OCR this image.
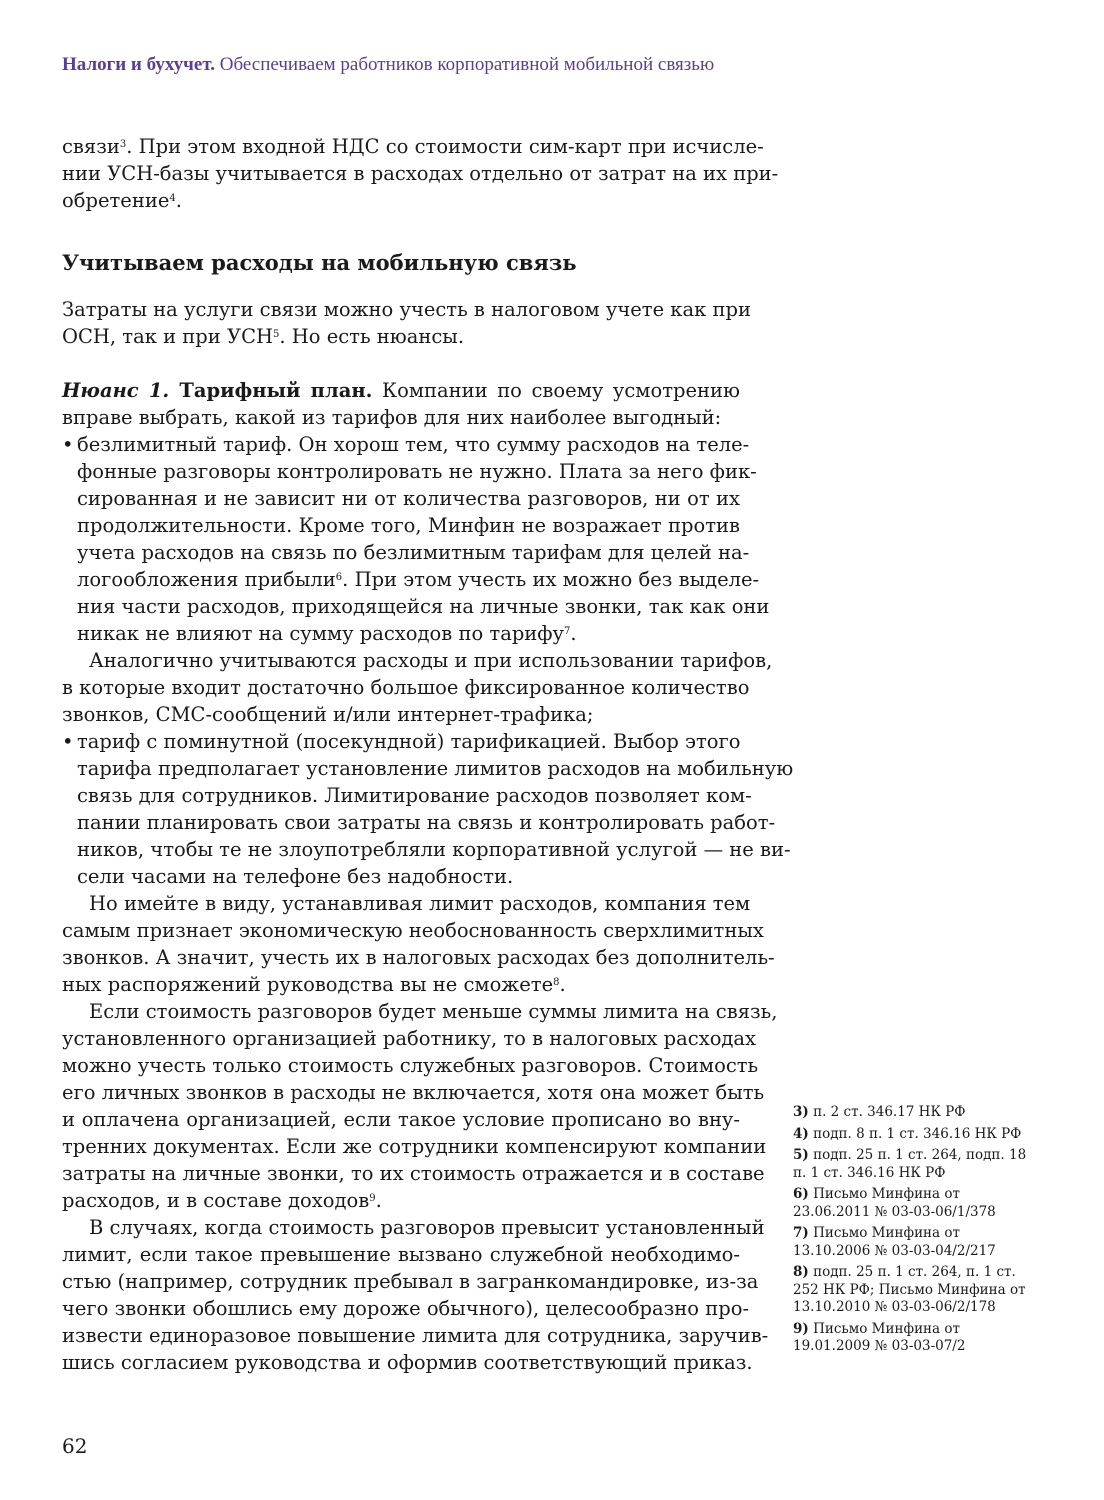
Налоги и бухучет. Обеспечиваем работников корпоративной мобильной связью
связи$^3$. При этом входной НДС со стоимости сим-карт при исчисле-
нии УСН-базы учитывается в расходах отдельно от затрат на их при-
обретение$^4$.
Учитываем расходы на мобильную связь
Затраты на услуги связи можно учесть в налоговом учете как при
ОСН, так и при УСН$^5$. Но есть нюансы.
Нюанс 1. Тарифный план. Компании по своему усмотрению
вправе выбрать, какой из тарифов для них наиболее выгодный:
• безлимитный тариф. Он хорош тем, что сумму расходов на теле-
фонные разговоры контролировать не нужно. Плата за него фик-
сированная и не зависит ни от количества разговоров, ни от их
продолжительности. Кроме того, Минфин не возражает против
учета расходов на связь по безлимитным тарифам для целей на-
логообложения прибыли$^6$. При этом учесть их можно без выделе-
ния части расходов, приходящейся на личные звонки, так как они
никак не влияют на сумму расходов по тарифу$^7$.
Аналогично учитываются расходы и при использовании тарифов,
в которые входит достаточно большое фиксированное количество
звонков, СМС-сообщений и/или интернет-трафика;
• тариф с поминутной (посекундной) тарификацией. Выбор этого
тарифа предполагает установление лимитов расходов на мобильную
связь для сотрудников. Лимитирование расходов позволяет ком-
пании планировать свои затраты на связь и контролировать работ-
ников, чтобы те не злоупотребляли корпоративной услугой — не ви-
сели часами на телефоне без надобности.
Но имейте в виду, устанавливая лимит расходов, компания тем
самым признает экономическую необоснованность сверхлимитных
звонков. А значит, учесть их в налоговых расходах без дополнитель-
ных распоряжений руководства вы не сможете$^8$.
Если стоимость разговоров будет меньше суммы лимита на связь,
установленного организацией работнику, то в налоговых расходах
можно учесть только стоимость служебных разговоров. Стоимость
его личных звонков в расходы не включается, хотя она может быть
и оплачена организацией, если такое условие прописано во вну-
тренних документах. Если же сотрудники компенсируют компании
затраты на личные звонки, то их стоимость отражается и в составе
расходов, и в составе доходов$^9$.
В случаях, когда стоимость разговоров превысит установленный
лимит, если такое превышение вызвано служебной необходимо-
стью (например, сотрудник пребывал в загранкомандировке, из-за
чего звонки обошлись ему дороже обычного), целесообразно про-
извести единоразовое повышение лимита для сотрудника, заручив-
шись согласием руководства и оформив соответствующий приказ.
3) п. 2 ст. 346.17 НК РФ
4) подп. 8 п. 1 ст. 346.16 НК РФ
5) подп. 25 п. 1 ст. 264, подп. 18 п. 1 ст. 346.16 НК РФ
6) Письмо Минфина от 23.06.2011 № 03-03-06/1/378
7) Письмо Минфина от 13.10.2006 № 03-03-04/2/217
8) подп. 25 п. 1 ст. 264, п. 1 ст. 252 НК РФ; Письмо Минфина от 13.10.2010 № 03-03-06/2/178
9) Письмо Минфина от 19.01.2009 № 03-03-07/2
62
